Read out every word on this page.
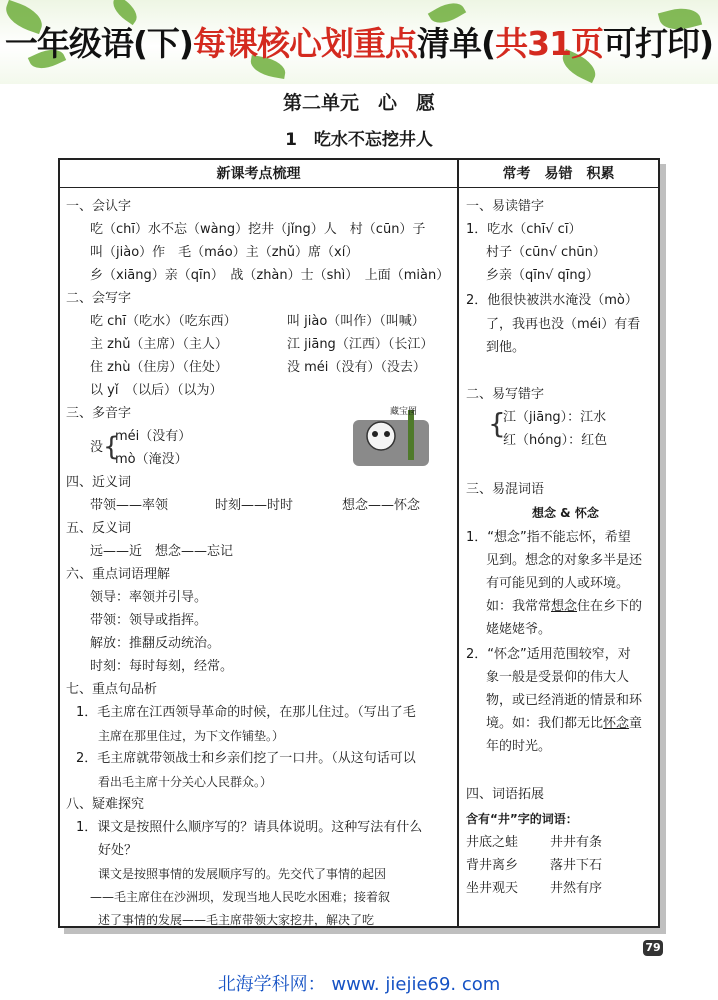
一年级语(下)每课核心划重点清单(共31页可打印)
第二单元　心　愿
1　吃水不忘挖井人
新课考点梳理	常考　易错　积累
一、会认字
吃（chī）水不忘（wàng）挖井（jǐng）人　村（cūn）子
叫（jiào）作　毛（máo）主（zhǔ）席（xí）
乡（xiāng）亲（qīn）　战（zhàn）士（shì）　上面（miàn）
二、会写字
吃 chī（吃水）（吃东西）	叫 jiào（叫作）（叫喊）
主 zhǔ（主席）（主人）	江 jiāng（江西）（长江）
住 zhù（住房）（住处）	没 méi（没有）（没去）
以 yǐ　（以后）（以为）
三、多音字
没 {
méi（没有）
mò（淹没）
藏宝图
四、近义词
带领——率领	时刻——时时	想念——怀念
五、反义词
远——近　想念——忘记
六、重点词语理解
领导：率领并引导。
带领：领导或指挥。
解放：推翻反动统治。
时刻：每时每刻，经常。
七、重点句品析
1．毛主席在江西领导革命的时候，在那儿住过。（写出了毛
主席在那里住过，为下文作铺垫。）
2．毛主席就带领战士和乡亲们挖了一口井。（从这句话可以
看出毛主席十分关心人民群众。）
八、疑难探究
1．课文是按照什么顺序写的？请具体说明。这种写法有什么
好处？
课文是按照事情的发展顺序写的。先交代了事情的起因
——毛主席住在沙洲坝，发现当地人民吃水困难；接着叙
述了事情的发展——毛主席带领大家挖井，解决了吃
一、易读错字
1．吃水（chī√ cī）
村子（cūn√ chūn）
乡亲（qīn√ qīng）
2．他很快被洪水淹没（mò）
了，我再也没（méi）有看
到他。
二、易写错字
{
江（jiāng）：江水
红（hóng）：红色
三、易混词语
想念 & 怀念
1．“想念”指不能忘怀，希望
见到。想念的对象多半是还
有可能见到的人或环境。
如：我常常想念住在乡下的
姥姥姥爷。
2．“怀念”适用范围较窄，对
象一般是受景仰的伟大人
物，或已经消逝的情景和环
境。如：我们都无比怀念童
年的时光。
四、词语拓展
含有“井”字的词语：
井底之蛙 井井有条
背井离乡 落井下石
坐井观天 井然有序
79
北海学科网： www. jiejie69. com
